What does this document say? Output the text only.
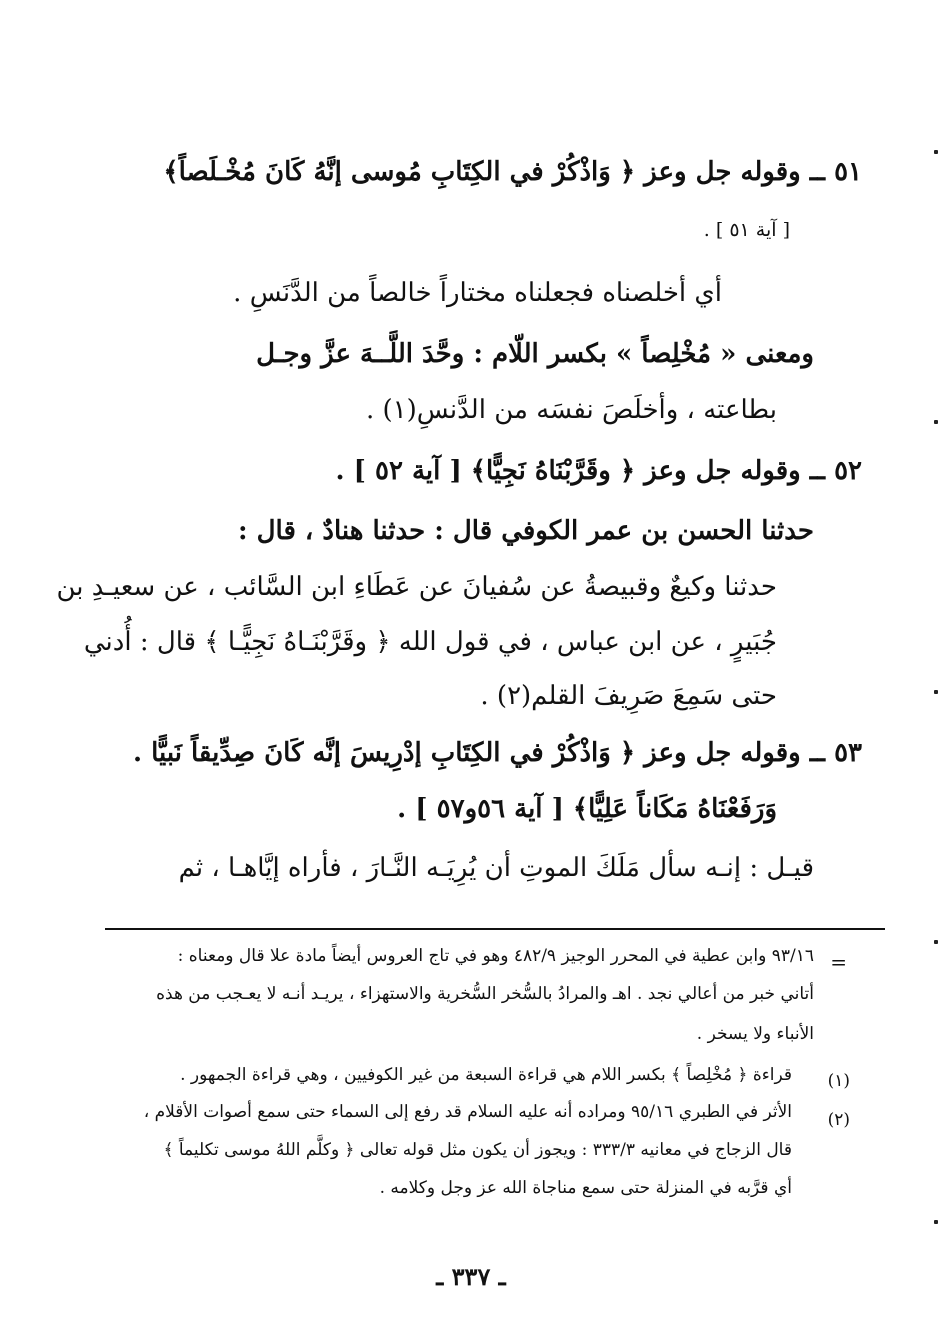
٥١ ــ وقوله جل وعز ﴿ وَاذْكُرْ في الكِتَابِ مُوسى إنَّهُ كَانَ مُخْـلَصاً﴾
[ آية ٥١ ] .
أي أخلصناه فجعلناه مختاراً خالصاً من الدَّنَسِ .
ومعنى « مُخْلِصاً » بكسر اللّام : وحَّدَ اللَّــهَ عزَّ وجـل
بطاعته ، وأخلَصَ نفسَه من الدَّنسِ(١) .
٥٢ ــ وقوله جل وعز ﴿ وقَرَّبْنَاهُ نَجِيًّا﴾ [ آية ٥٢ ] .
حدثنا الحسن بن عمر الكوفي قال : حدثنا هنادٌ ، قال :
حدثنا وكيعٌ وقبيصةُ عن سُفيانَ عن عَطَاءِ ابن السَّائب ، عن سعيـدِ بن
جُبَيرٍ ، عن ابن عباس ، في قول الله ﴿ وقَرَّبْنَـاهُ نَجِيًّـا ﴾ قال : أُدني
حتى سَمِعَ صَرِيفَ القلم(٢) .
٥٣ ــ وقوله جل وعز ﴿ وَاذْكُرْ في الكِتَابِ إدْرِيسَ إنَّه كَانَ صِدِّيقاً نَبيًّا .
وَرَفَعْنَاهُ مَكَاناً عَلِيًّا﴾ [ آية ٥٦و٥٧ ] .
قيـل : إنـه سأل مَلَكَ الموتِ أن يُرِيَـه النَّـارَ ، فأراه إيَّاهـا ، ثم
=
٩٣/١٦ وابن عطية في المحرر الوجيز ٤٨٢/٩ وهو في تاج العروس أيضاً مادة علا قال ومعناه :
أتاني خبر من أعالي نجد . اهـ والمرادُ بالسُّخر السُّخرية والاستهزاء ، يريـد أنـه لا يعـجب من هذه
الأنباء ولا يسخر .
(١)
قراءة ﴿ مُخْلِصاً ﴾ بكسر اللام هي قراءة السبعة من غير الكوفيين ، وهي قراءة الجمهور .
(٢)
الأثر في الطبري ٩٥/١٦ ومراده أنه عليه السلام قد رفع إلى السماء حتى سمع أصوات الأقلام ،
قال الزجاج في معانيه ٣٣٣/٣ : ويجوز أن يكون مثل قوله تعالى ﴿ وكلَّم اللهُ موسى تكليماً ﴾
أي قرَّبه في المنزلة حتى سمع مناجاة الله عز وجل وكلامه .
ـ ٣٣٧ ـ
